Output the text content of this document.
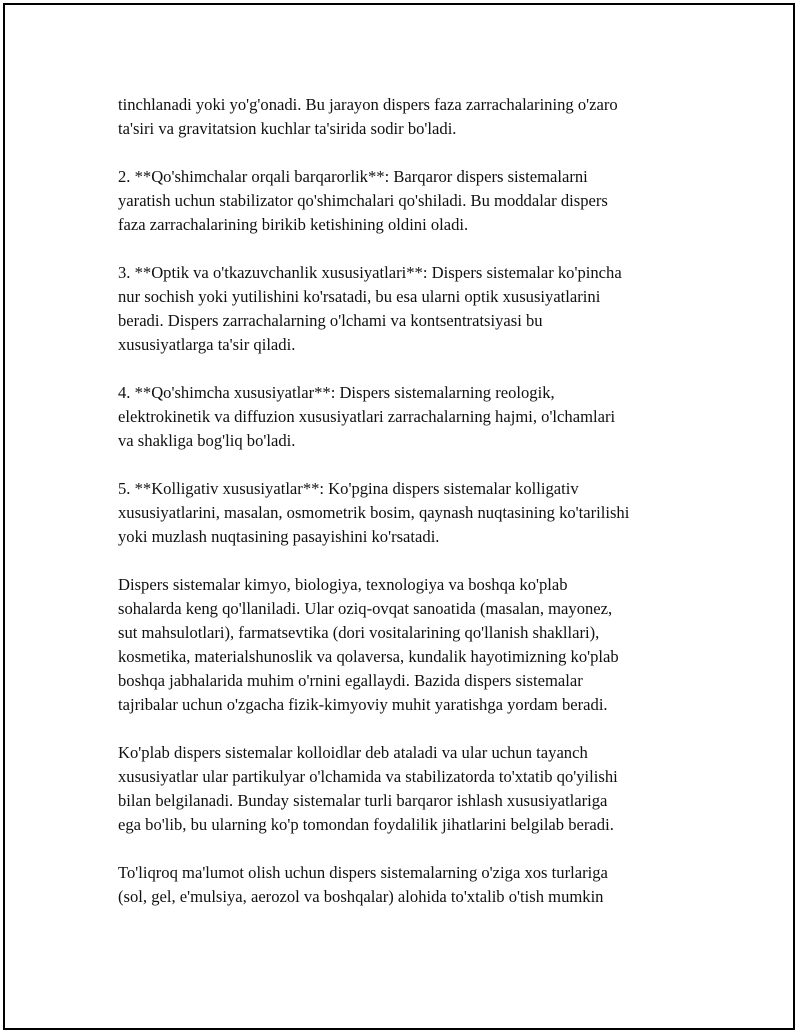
tinchlanadi yoki yo'g'onadi. Bu jarayon dispers faza zarrachalarining o'zaro
ta'siri va gravitatsion kuchlar ta'sirida sodir bo'ladi.

2. **Qo'shimchalar orqali barqarorlik**: Barqaror dispers sistemalarni
yaratish uchun stabilizator qo'shimchalari qo'shiladi. Bu moddalar dispers
faza zarrachalarining birikib ketishining oldini oladi.

3. **Optik va o'tkazuvchanlik xususiyatlari**: Dispers sistemalar ko'pincha
nur sochish yoki yutilishini ko'rsatadi, bu esa ularni optik xususiyatlarini
beradi. Dispers zarrachalarning o'lchami va kontsentratsiyasi bu
xususiyatlarga ta'sir qiladi.

4. **Qo'shimcha xususiyatlar**: Dispers sistemalarning reologik,
elektrokinetik va diffuzion xususiyatlari zarrachalarning hajmi, o'lchamlari
va shakliga bog'liq bo'ladi.

5. **Kolligativ xususiyatlar**: Ko'pgina dispers sistemalar kolligativ
xususiyatlarini, masalan, osmometrik bosim, qaynash nuqtasining ko'tarilishi
yoki muzlash nuqtasining pasayishini ko'rsatadi.

Dispers sistemalar kimyo, biologiya, texnologiya va boshqa ko'plab
sohalarda keng qo'llaniladi. Ular oziq-ovqat sanoatida (masalan, mayonez,
sut mahsulotlari), farmatsevtika (dori vositalarining qo'llanish shakllari),
kosmetika, materialshunoslik va qolaversa, kundalik hayotimizning ko'plab
boshqa jabhalarida muhim o'rnini egallaydi. Bazida dispers sistemalar
tajribalar uchun o'zgacha fizik-kimyoviy muhit yaratishga yordam beradi.

Ko'plab dispers sistemalar kolloidlar deb ataladi va ular uchun tayanch
xususiyatlar ular partikulyar o'lchamida va stabilizatorda to'xtatib qo'yilishi
bilan belgilanadi. Bunday sistemalar turli barqaror ishlash xususiyatlariga
ega bo'lib, bu ularning ko'p tomondan foydalilik jihatlarini belgilab beradi.

To'liqroq ma'lumot olish uchun dispers sistemalarning o'ziga xos turlariga
(sol, gel, e'mulsiya, aerozol va boshqalar) alohida to'xtalib o'tish mumkin
